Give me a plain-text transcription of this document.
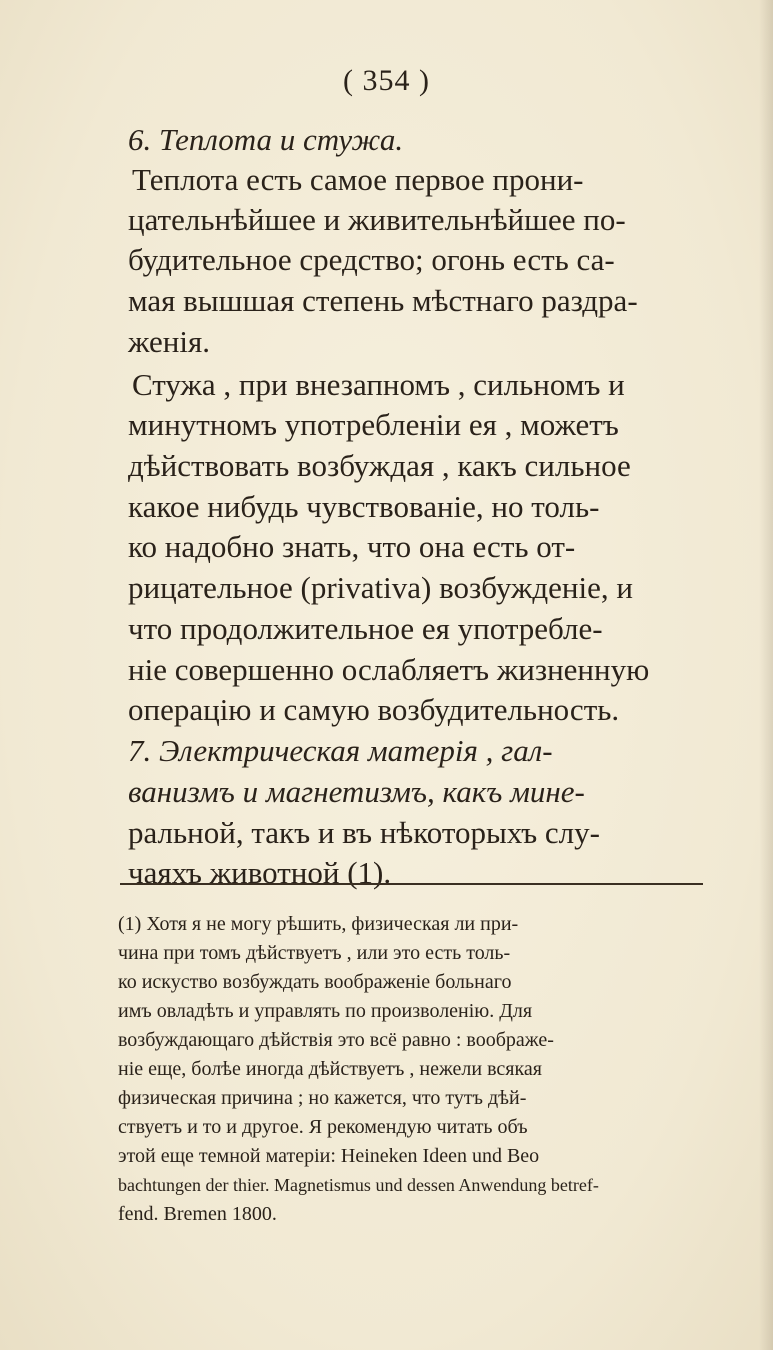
( 354 )
6. Теплота и стужа.
Теплота есть самое первое прони-
цательнѣйшее и живительнѣйшее по-
будительное средство; огонь есть са-
мая вышшая степень мѣстнаго раздра-
женія.
Стужа , при внезапномъ , сильномъ и
минутномъ употребленіи ея , можетъ
дѣйствовать возбуждая , какъ сильное
какое нибудь чувствованіе, но толь-
ко надобно знать, что она есть от-
рицательное (privativa) возбужденіе, и
что продолжительное ея употребле-
ніе совершенно ослабляетъ жизненную
операцію и самую возбудительность.
7. Электрическая матерія , гал-
ванизмъ и магнетизмъ, какъ мине-
ральной, такъ и въ нѣкоторыхъ слу-
чаяхъ животной (1).
(1) Хотя я не могу рѣшить, физическая ли при-
чина при томъ дѣйствуетъ , или это есть толь-
ко искуство возбуждать воображеніе больнаго
имъ овладѣть и управлять по произволенію. Для
возбуждающаго дѣйствія это всё равно : воображе-
ніе еще, болѣе иногда дѣйствуетъ , нежели всякая
физическая причина ; но кажется, что тутъ дѣй-
ствуетъ и то и другое. Я рекомендую читать объ
этой еще темной матеріи: Heineken Ideen und Beo
bachtungen der thier. Magnetismus und dessen Anwendung betref-
fend. Bremen 1800.
